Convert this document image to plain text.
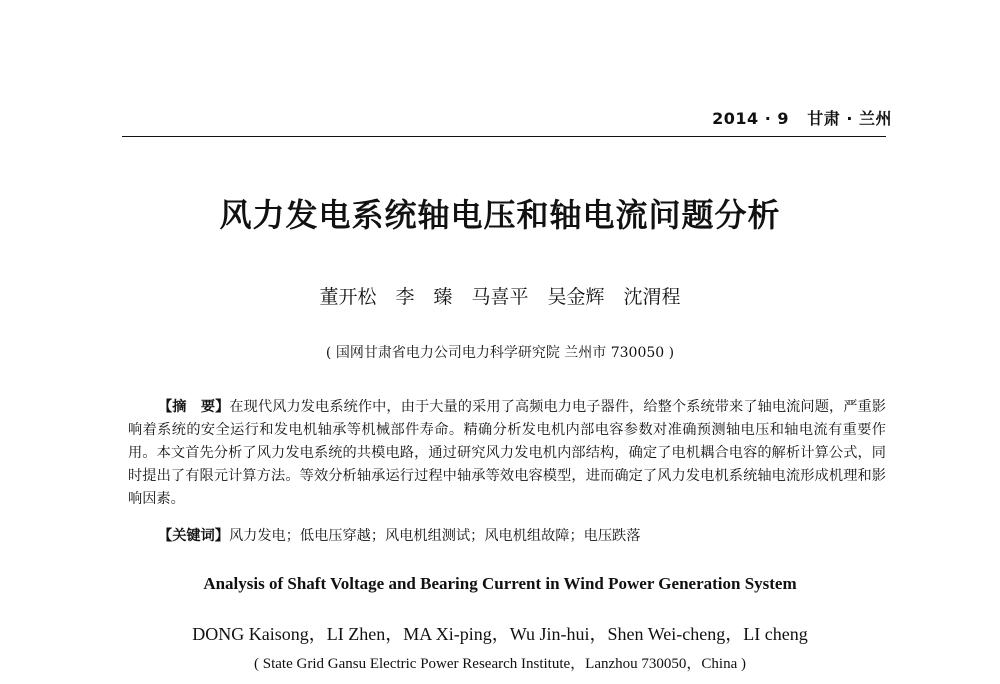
2014 · 9 甘肃 · 兰州
风力发电系统轴电压和轴电流问题分析
董开松　李　臻　马喜平　吴金辉　沈渭程
( 国网甘肃省电力公司电力科学研究院 兰州市 730050 )

【摘　要】在现代风力发电系统作中，由于大量的采用了高频电力电子器件，给整个系统带来了轴电流问题，严重影响着系统的安全运行和发电机轴承等机械部件寿命。精确分析发电机内部电容参数对准确预测轴电压和轴电流有重要作用。本文首先分析了风力发电系统的共模电路，通过研究风力发电机内部结构，确定了电机耦合电容的解析计算公式，同时提出了有限元计算方法。等效分析轴承运行过程中轴承等效电容模型，进而确定了风力发电机系统轴电流形成机理和影响因素。

【关键词】风力发电；低电压穿越；风电机组测试；风电机组故障；电压跌落
Analysis of Shaft Voltage and Bearing Current in Wind Power Generation System
DONG Kaisong，LI Zhen，MA Xi-ping，Wu Jin-hui，Shen Wei-cheng，LI cheng
( State Grid Gansu Electric Power Research Institute，Lanzhou 730050，China )
